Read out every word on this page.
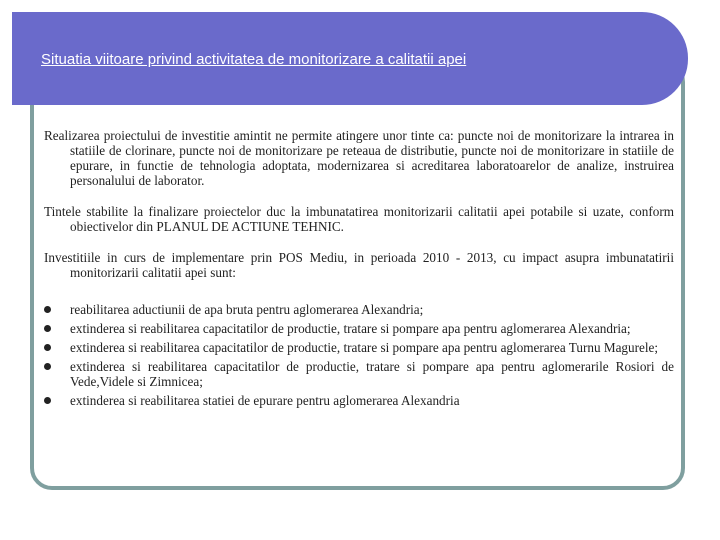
Situatia viitoare privind activitatea de monitorizare a calitatii apei

Realizarea proiectului de investitie amintit ne permite atingere unor tinte ca: puncte noi de monitorizare la intrarea in statiile de clorinare, puncte noi de monitorizare pe reteaua de distributie, puncte noi de monitorizare in statiile de epurare, in functie de tehnologia adoptata, modernizarea si acreditarea laboratoarelor de analize, instruirea personalului de laborator.

Tintele stabilite la finalizare proiectelor duc la imbunatatirea monitorizarii calitatii apei potabile si uzate, conform obiectivelor din PLANUL DE ACTIUNE TEHNIC.

Investitiile in curs de implementare prin POS Mediu, in perioada 2010 - 2013, cu impact asupra imbunatatirii monitorizarii calitatii apei sunt:

reabilitarea aductiunii de apa bruta pentru aglomerarea Alexandria;
extinderea si reabilitarea capacitatilor de productie, tratare si pompare apa pentru aglomerarea Alexandria;
extinderea si reabilitarea capacitatilor de productie, tratare si pompare apa pentru aglomerarea Turnu Magurele;
extinderea si reabilitarea capacitatilor de productie, tratare si pompare apa pentru aglomerarile Rosiori de Vede,Videle si Zimnicea;
extinderea si reabilitarea statiei de epurare pentru aglomerarea Alexandria
